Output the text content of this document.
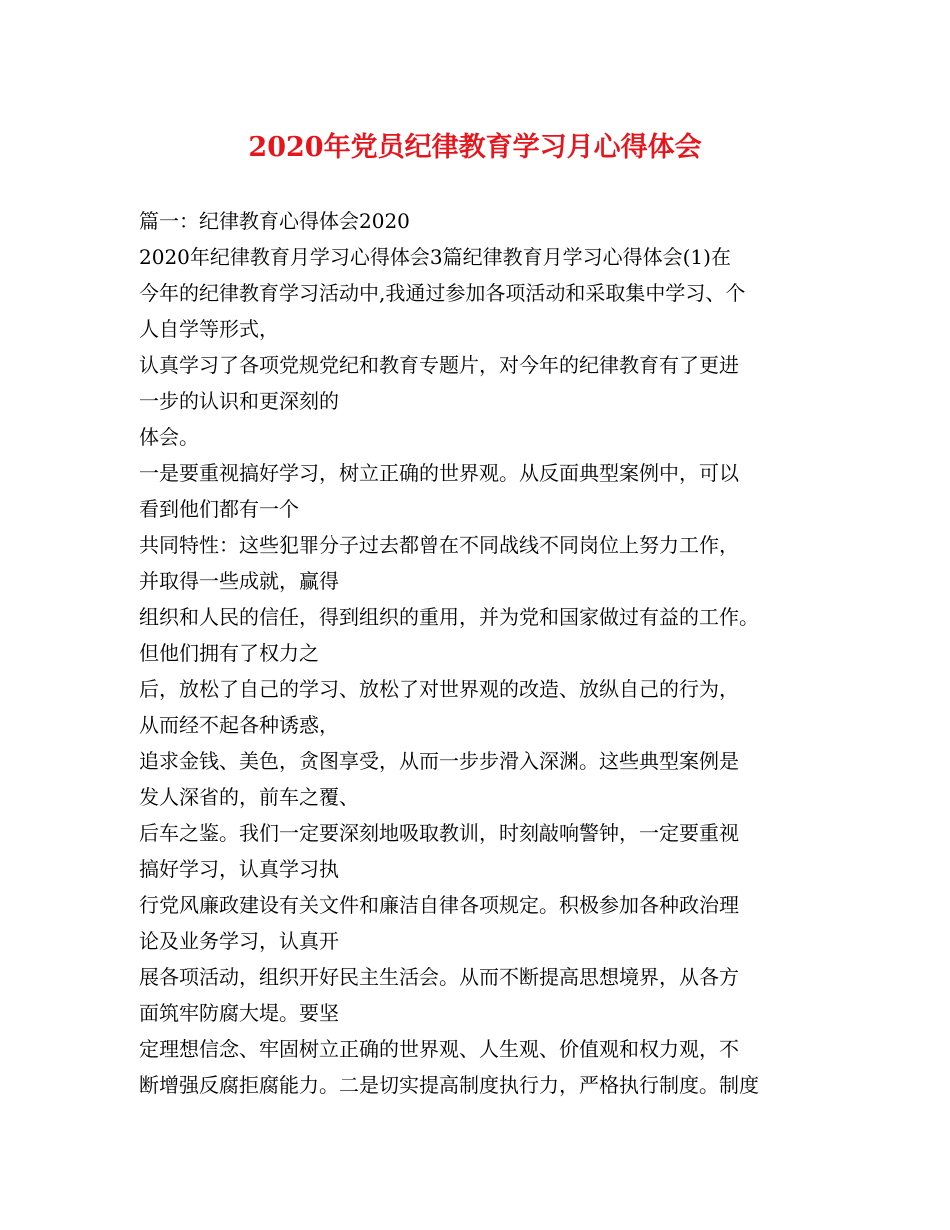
2020年党员纪律教育学习月心得体会

篇一：纪律教育心得体会2020

2020年纪律教育月学习心得体会3篇纪律教育月学习心得体会(1)在

今年的纪律教育学习活动中,我通过参加各项活动和采取集中学习、个

人自学等形式，

认真学习了各项党规党纪和教育专题片，对今年的纪律教育有了更进

一步的认识和更深刻的

体会。

一是要重视搞好学习，树立正确的世界观。从反面典型案例中，可以

看到他们都有一个

共同特性：这些犯罪分子过去都曾在不同战线不同岗位上努力工作，

并取得一些成就，赢得

组织和人民的信任，得到组织的重用，并为党和国家做过有益的工作。

但他们拥有了权力之

后，放松了自己的学习、放松了对世界观的改造、放纵自己的行为，

从而经不起各种诱惑，

追求金钱、美色，贪图享受，从而一步步滑入深渊。这些典型案例是

发人深省的，前车之覆、

后车之鉴。我们一定要深刻地吸取教训，时刻敲响警钟，一定要重视

搞好学习，认真学习执

行党风廉政建设有关文件和廉洁自律各项规定。积极参加各种政治理

论及业务学习，认真开

展各项活动，组织开好民主生活会。从而不断提高思想境界，从各方

面筑牢防腐大堤。要坚

定理想信念、牢固树立正确的世界观、人生观、价值观和权力观，不

断增强反腐拒腐能力。二是切实提高制度执行力，严格执行制度。制度
